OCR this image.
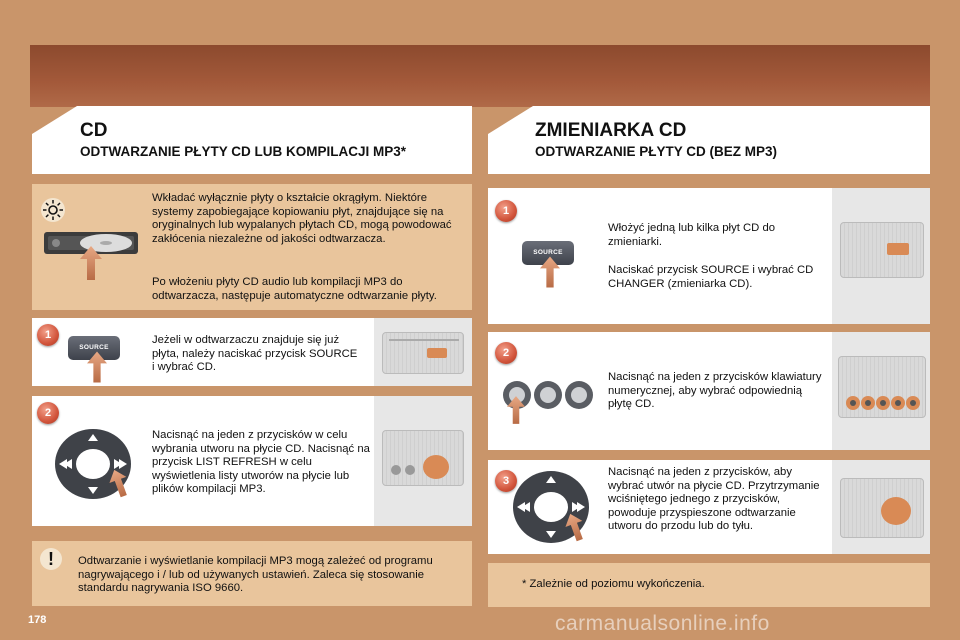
CD
ODTWARZANIE PŁYTY CD LUB KOMPILACJI MP3*
ZMIENIARKA CD
ODTWARZANIE PŁYTY CD (BEZ MP3)
Wkładać wyłącznie płyty o kształcie okrągłym. Niektóre systemy zapobiegające kopiowaniu płyt, znajdujące się na oryginalnych lub wypalanych płytach CD, mogą powodować zakłócenia niezależne od jakości odtwarzacza.
Po włożeniu płyty CD audio lub kompilacji MP3 do odtwarzacza, następuje automatyczne odtwarzanie płyty.
1
SOURCE
Jeżeli w odtwarzaczu znajduje się już płyta, należy naciskać przycisk SOURCE i wybrać CD.
2
Nacisnąć na jeden z przycisków w celu wybrania utworu na płycie CD. Nacisnąć na przycisk LIST REFRESH w celu wyświetlenia listy utworów na płycie lub plików kompilacji MP3.
!	Odtwarzanie i wyświetlanie kompilacji MP3 mogą zależeć od programu nagrywającego i / lub od używanych ustawień. Zaleca się stosowanie standardu nagrywania ISO 9660.
1
SOURCE
Włożyć jedną lub kilka płyt CD do zmieniarki.
Naciskać przycisk SOURCE i wybrać CD CHANGER (zmieniarka CD).
2
Nacisnąć na jeden z przycisków klawiatury numerycznej, aby wybrać odpowiednią płytę CD.
3
Nacisnąć na jeden z przycisków, aby wybrać utwór na płycie CD. Przytrzymanie wciśniętego jednego z przycisków, powoduje przyspieszone odtwarzanie utworu do przodu lub do tyłu.
* Zależnie od poziomu wykończenia.
178	carmanualsonline.info
